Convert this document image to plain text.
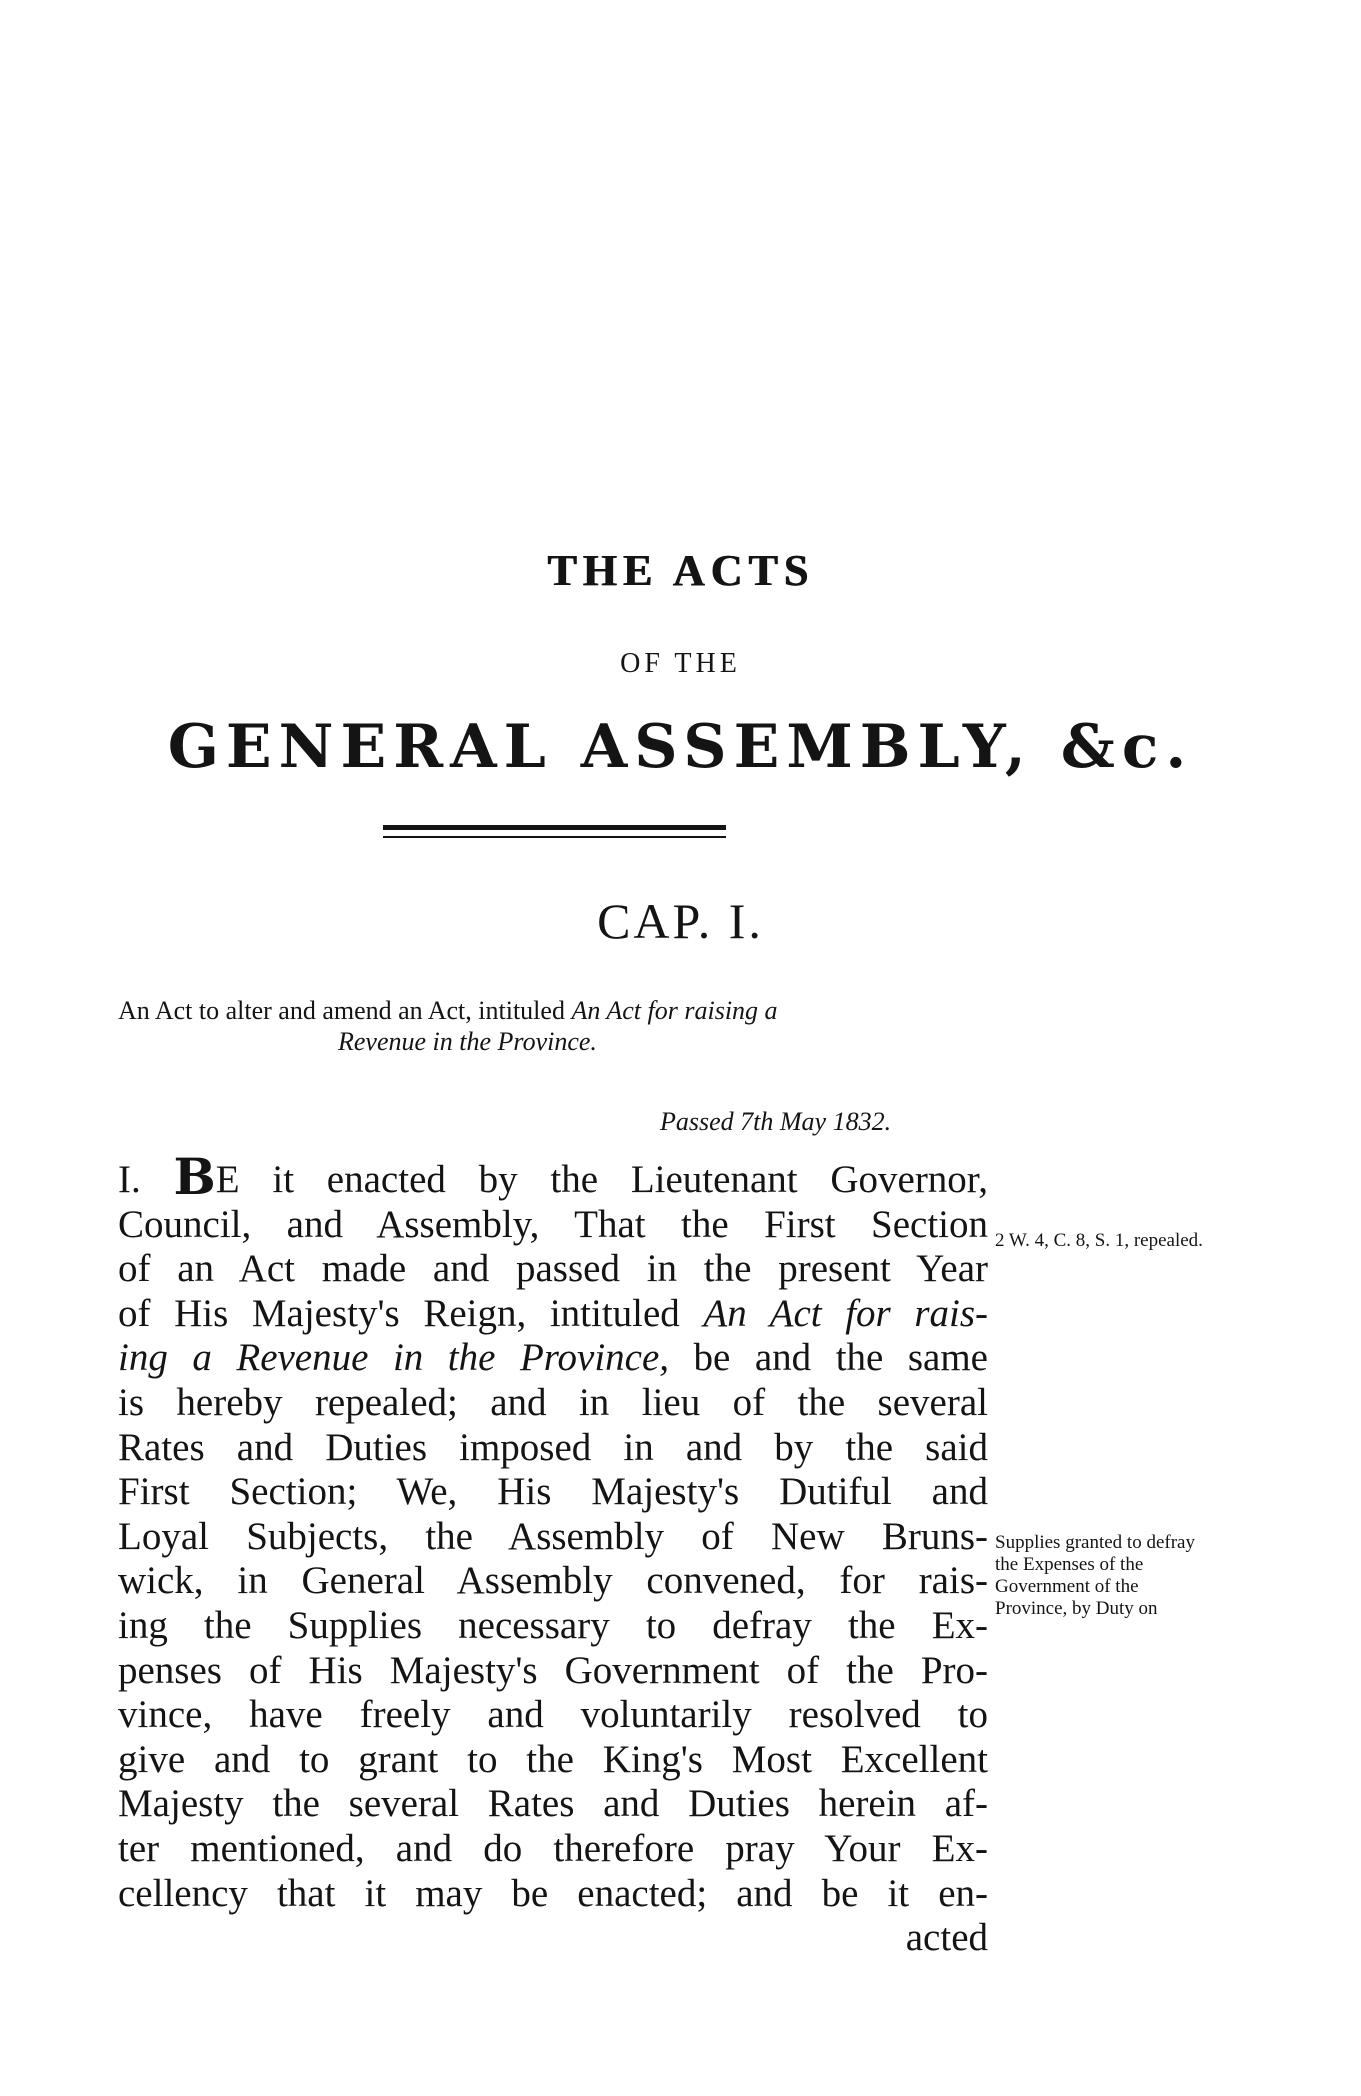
THE ACTS
OF THE
GENERAL ASSEMBLY, &c.
CAP. I.

An Act to alter and amend an Act, intituled An Act for raising a
Revenue in the Province.

Passed 7th May 1832.

I. BE it enacted by the Lieutenant Governor,
Council, and Assembly, That the First Section
of an Act made and passed in the present Year
of His Majesty's Reign, intituled An Act for rais-
ing a Revenue in the Province, be and the same
is hereby repealed; and in lieu of the several
Rates and Duties imposed in and by the said
First Section; We, His Majesty's Dutiful and
Loyal Subjects, the Assembly of New Bruns-
wick, in General Assembly convened, for rais-
ing the Supplies necessary to defray the Ex-
penses of His Majesty's Government of the Pro-
vince, have freely and voluntarily resolved to
give and to grant to the King's Most Excellent
Majesty the several Rates and Duties herein af-
ter mentioned, and do therefore pray Your Ex-
cellency that it may be enacted; and be it en-
acted

2 W. 4, C. 8, S. 1, repealed.

Supplies granted to defray the Expenses of the Government of the Province, by Duty on
